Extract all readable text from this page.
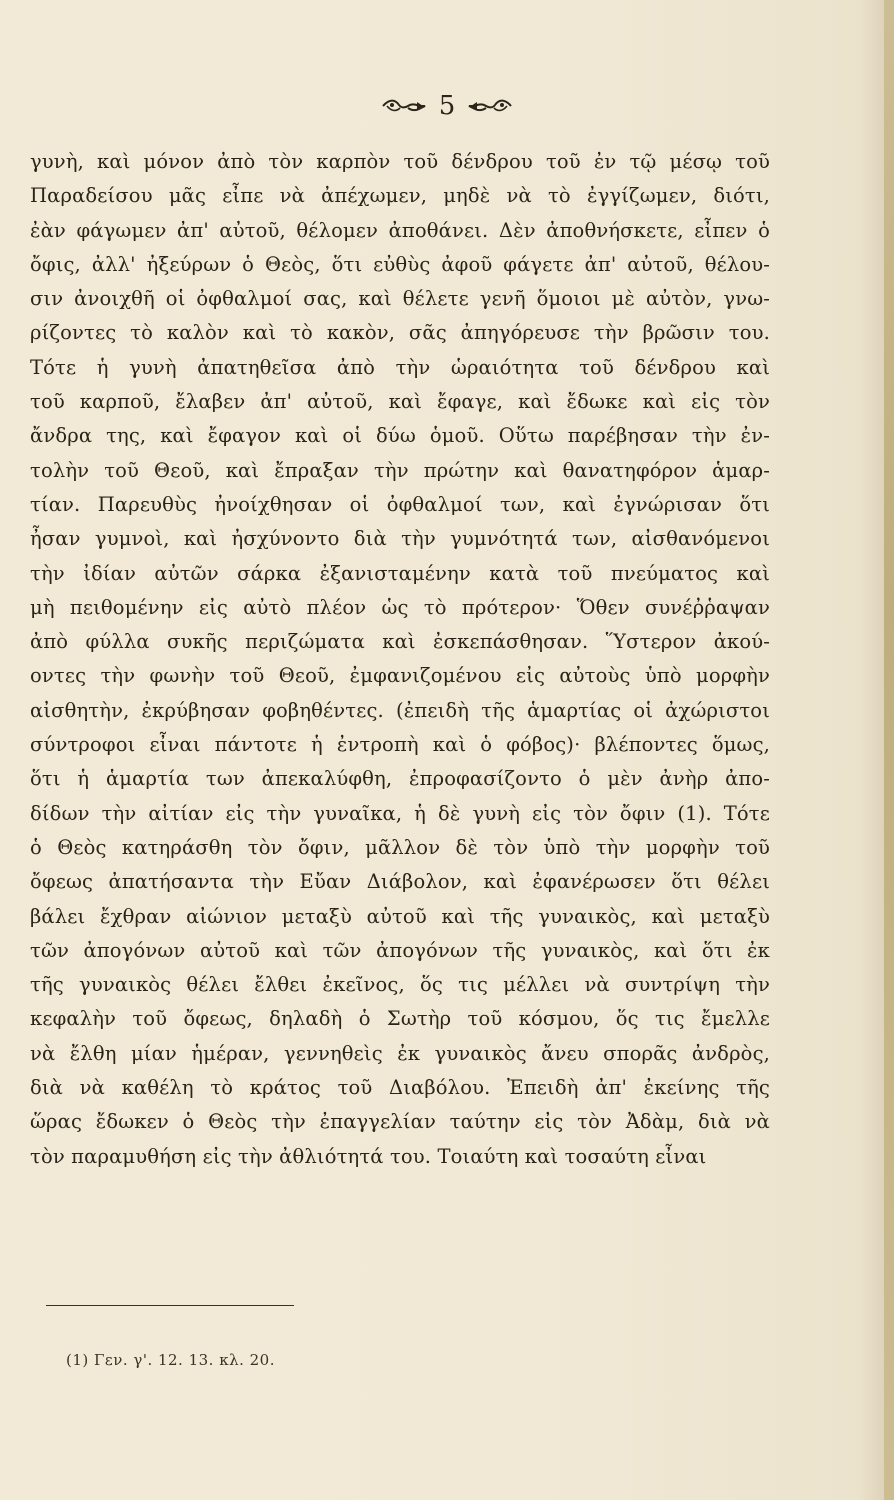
5
γυνὴ, καὶ μόνον ἀπὸ τὸν καρπὸν τοῦ δένδρου τοῦ ἐν τῷ μέσῳ τοῦ
Παραδείσου μᾶς εἶπε νὰ ἀπέχωμεν, μηδὲ νὰ τὸ ἐγγίζωμεν, διότι,
ἐὰν φάγωμεν ἀπ' αὐτοῦ, θέλομεν ἀποθάνει. Δὲν ἀποθνήσκετε, εἶπεν ὁ
ὄφις, ἀλλ' ἠξεύρων ὁ Θεὸς, ὅτι εὐθὺς ἀφοῦ φάγετε ἀπ' αὐτοῦ, θέλου-
σιν ἀνοιχθῆ οἱ ὀφθαλμοί σας, καὶ θέλετε γενῆ ὅμοιοι μὲ αὐτὸν, γνω-
ρίζοντες τὸ καλὸν καὶ τὸ κακὸν, σᾶς ἀπηγόρευσε τὴν βρῶσιν του.
Τότε ἡ γυνὴ ἀπατηθεῖσα ἀπὸ τὴν ὡραιότητα τοῦ δένδρου καὶ
τοῦ καρποῦ, ἔλαβεν ἀπ' αὐτοῦ, καὶ ἔφαγε, καὶ ἔδωκε καὶ εἰς τὸν
ἄνδρα της, καὶ ἔφαγον καὶ οἱ δύω ὁμοῦ. Οὕτω παρέβησαν τὴν ἐν-
τολὴν τοῦ Θεοῦ, καὶ ἔπραξαν τὴν πρώτην καὶ θανατηφόρον ἁμαρ-
τίαν. Παρευθὺς ἠνοίχθησαν οἱ ὀφθαλμοί των, καὶ ἐγνώρισαν ὅτι
ἦσαν γυμνοὶ, καὶ ἠσχύνοντο διὰ τὴν γυμνότητά των, αἰσθανόμενοι
τὴν ἰδίαν αὐτῶν σάρκα ἐξανισταμένην κατὰ τοῦ πνεύματος καὶ
μὴ πειθομένην εἰς αὐτὸ πλέον ὡς τὸ πρότερον· Ὅθεν συνέῤῥαψαν
ἀπὸ φύλλα συκῆς περιζώματα καὶ ἐσκεπάσθησαν. Ὕστερον ἀκού-
οντες τὴν φωνὴν τοῦ Θεοῦ, ἐμφανιζομένου εἰς αὐτοὺς ὑπὸ μορφὴν
αἰσθητὴν, ἐκρύβησαν φοβηθέντες. (ἐπειδὴ τῆς ἁμαρτίας οἱ ἀχώριστοι
σύντροφοι εἶναι πάντοτε ἡ ἐντροπὴ καὶ ὁ φόβος)· βλέποντες ὅμως,
ὅτι ἡ ἁμαρτία των ἀπεκαλύφθη, ἐπροφασίζοντο ὁ μὲν ἀνὴρ ἀπο-
δίδων τὴν αἰτίαν εἰς τὴν γυναῖκα, ἡ δὲ γυνὴ εἰς τὸν ὄφιν (1). Τότε
ὁ Θεὸς κατηράσθη τὸν ὄφιν, μᾶλλον δὲ τὸν ὑπὸ τὴν μορφὴν τοῦ
ὄφεως ἀπατήσαντα τὴν Εὔαν Διάβολον, καὶ ἐφανέρωσεν ὅτι θέλει
βάλει ἔχθραν αἰώνιον μεταξὺ αὐτοῦ καὶ τῆς γυναικὸς, καὶ μεταξὺ
τῶν ἀπογόνων αὐτοῦ καὶ τῶν ἀπογόνων τῆς γυναικὸς, καὶ ὅτι ἐκ
τῆς γυναικὸς θέλει ἔλθει ἐκεῖνος, ὅς τις μέλλει νὰ συντρίψη τὴν
κεφαλὴν τοῦ ὄφεως, δηλαδὴ ὁ Σωτὴρ τοῦ κόσμου, ὅς τις ἔμελλε
νὰ ἔλθη μίαν ἡμέραν, γεννηθεὶς ἐκ γυναικὸς ἄνευ σπορᾶς ἀνδρὸς,
διὰ νὰ καθέλη τὸ κράτος τοῦ Διαβόλου. Ἐπειδὴ ἀπ' ἐκείνης τῆς
ὥρας ἔδωκεν ὁ Θεὸς τὴν ἐπαγγελίαν ταύτην εἰς τὸν Ἀδὰμ, διὰ νὰ
τὸν παραμυθήση εἰς τὴν ἀθλιότητά του. Τοιαύτη καὶ τοσαύτη εἶναι
(1) Γεν. γ'. 12. 13. κλ. 20.
